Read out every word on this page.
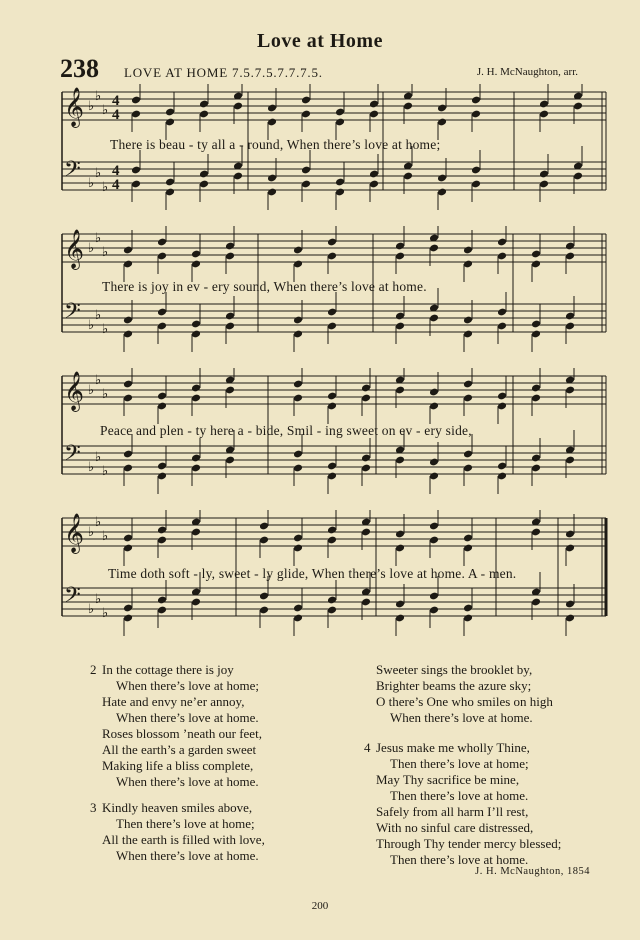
Love at Home
238 LOVE AT HOME 7.5.7.5.7.7.7.5.	J. H. McNaughton, arr.
𝄞 ♭
♭
♭
4
4
𝄢 ♭
♭
♭
4
4
There is beau - ty all a - round, When there’s love at home;
𝄞 ♭
♭
♭
𝄢 ♭
♭
♭
There is joy in ev - ery sound, When there’s love at home.
𝄞 ♭
♭
♭
𝄢 ♭
♭
♭
Peace and plen - ty here a - bide, Smil - ing sweet on ev - ery side,
𝄞 ♭
♭
♭
𝄢 ♭
♭
♭
Time doth soft - ly, sweet - ly glide, When there’s love at home. A - men.
2 In the cottage there is joy
When there’s love at home;
Hate and envy ne’er annoy,
When there’s love at home.
Roses blossom ’neath our feet,
All the earth’s a garden sweet
Making life a bliss complete,
When there’s love at home.
3 Kindly heaven smiles above,
Then there’s love at home;
All the earth is filled with love,
When there’s love at home.
Sweeter sings the brooklet by,
Brighter beams the azure sky;
O there’s One who smiles on high
When there’s love at home.
4 Jesus make me wholly Thine,
Then there’s love at home;
May Thy sacrifice be mine,
Then there’s love at home.
Safely from all harm I’ll rest,
With no sinful care distressed,
Through Thy tender mercy blessed;
Then there’s love at home.
J. H. McNaughton, 1854
200
